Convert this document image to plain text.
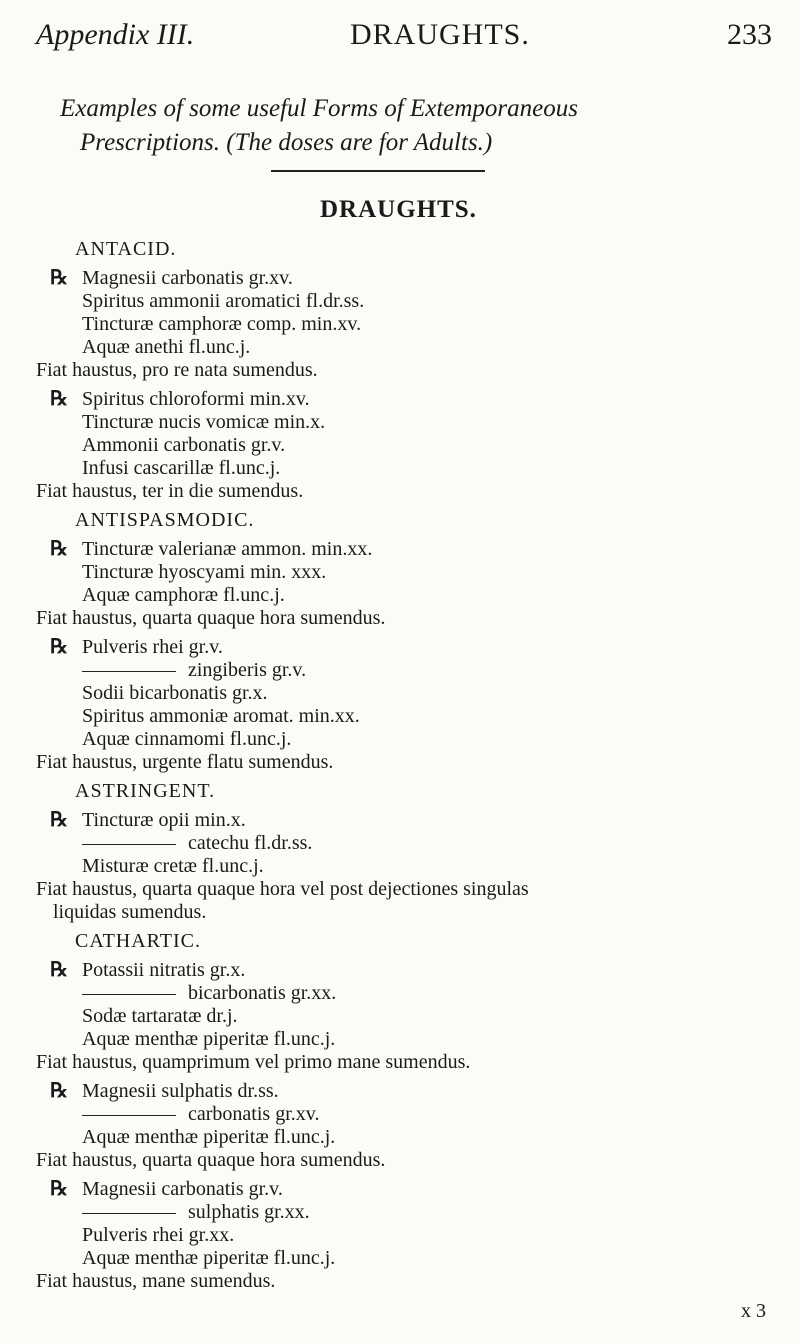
Appendix III.	DRAUGHTS.	233
Examples of some useful Forms of Extemporaneous
Prescriptions. (The doses are for Adults.)
DRAUGHTS.
ANTACID.
℞ Magnesii carbonatis gr.xv.
Spiritus ammonii aromatici fl.dr.ss.
Tincturæ camphoræ comp. min.xv.
Aquæ anethi fl.unc.j.
Fiat haustus, pro re nata sumendus.
℞ Spiritus chloroformi min.xv.
Tincturæ nucis vomicæ min.x.
Ammonii carbonatis gr.v.
Infusi cascarillæ fl.unc.j.
Fiat haustus, ter in die sumendus.
ANTISPASMODIC.
℞ Tincturæ valerianæ ammon. min.xx.
Tincturæ hyoscyami min. xxx.
Aquæ camphoræ fl.unc.j.
Fiat haustus, quarta quaque hora sumendus.
℞ Pulveris rhei gr.v.
zingiberis gr.v.
Sodii bicarbonatis gr.x.
Spiritus ammoniæ aromat. min.xx.
Aquæ cinnamomi fl.unc.j.
Fiat haustus, urgente flatu sumendus.
ASTRINGENT.
℞ Tincturæ opii min.x.
catechu fl.dr.ss.
Misturæ cretæ fl.unc.j.
Fiat haustus, quarta quaque hora vel post dejectiones singulas
liquidas sumendus.
CATHARTIC.
℞ Potassii nitratis gr.x.
bicarbonatis gr.xx.
Sodæ tartaratæ dr.j.
Aquæ menthæ piperitæ fl.unc.j.
Fiat haustus, quamprimum vel primo mane sumendus.
℞ Magnesii sulphatis dr.ss.
carbonatis gr.xv.
Aquæ menthæ piperitæ fl.unc.j.
Fiat haustus, quarta quaque hora sumendus.
℞ Magnesii carbonatis gr.v.
sulphatis gr.xx.
Pulveris rhei gr.xx.
Aquæ menthæ piperitæ fl.unc.j.
Fiat haustus, mane sumendus.
x 3
